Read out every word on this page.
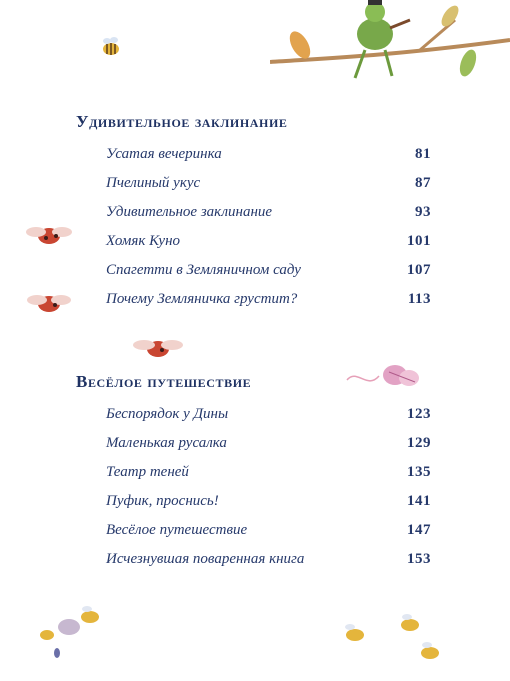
Удивительное заклинание
Усатая вечеринка	81
Пчелиный укус	87
Удивительное заклинание	93
Хомяк Куно	101
Спагетти в Земляничном саду	107
Почему Земляничка грустит?	113
Весёлое путешествие
Беспорядок у Дины	123
Маленькая русалка	129
Театр теней	135
Пуфик, проснись!	141
Весёлое путешествие	147
Исчезнувшая поваренная книга	153
